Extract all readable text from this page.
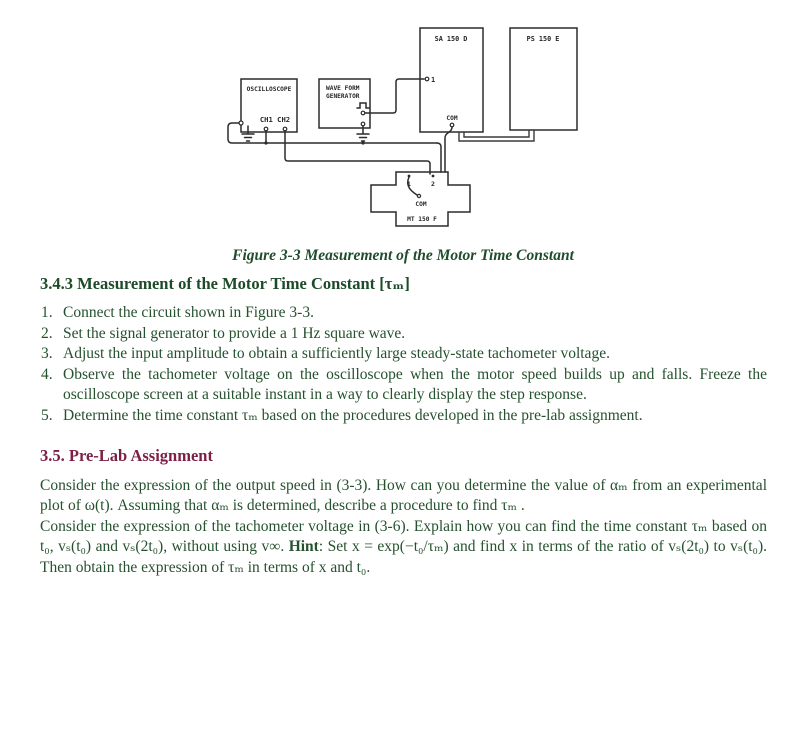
OSCILLOSCOPE
CH1 CH2
WAVE FORM
GENERATOR
SA 150 D	PS 150 E
1
COM
1	2
COM
MT 150 F
Figure 3-3 Measurement of the Motor Time Constant
3.4.3 Measurement of the Motor Time Constant [τₘ]
Connect the circuit shown in Figure 3-3.
Set the signal generator to provide a 1 Hz square wave.
Adjust the input amplitude to obtain a sufficiently large steady-state tachometer voltage.
Observe the tachometer voltage on the oscilloscope when the motor speed builds up and falls. Freeze the oscilloscope screen at a suitable instant in a way to clearly display the step response.
Determine the time constant τₘ based on the procedures developed in the pre-lab assignment.
3.5. Pre-Lab Assignment

Consider the expression of the output speed in (3-3). How can you determine the value of αₘ from an experimental plot of ω(t). Assuming that αₘ is determined, describe a procedure to find τₘ .

Consider the expression of the tachometer voltage in (3-6). Explain how you can find the time constant τₘ based on t₀, vₛ(t₀) and vₛ(2t₀), without using v∞. Hint: Set x = exp(−t₀/τₘ) and find x in terms of the ratio of vₛ(2t₀) to vₛ(t₀). Then obtain the expression of τₘ in terms of x and t₀.
